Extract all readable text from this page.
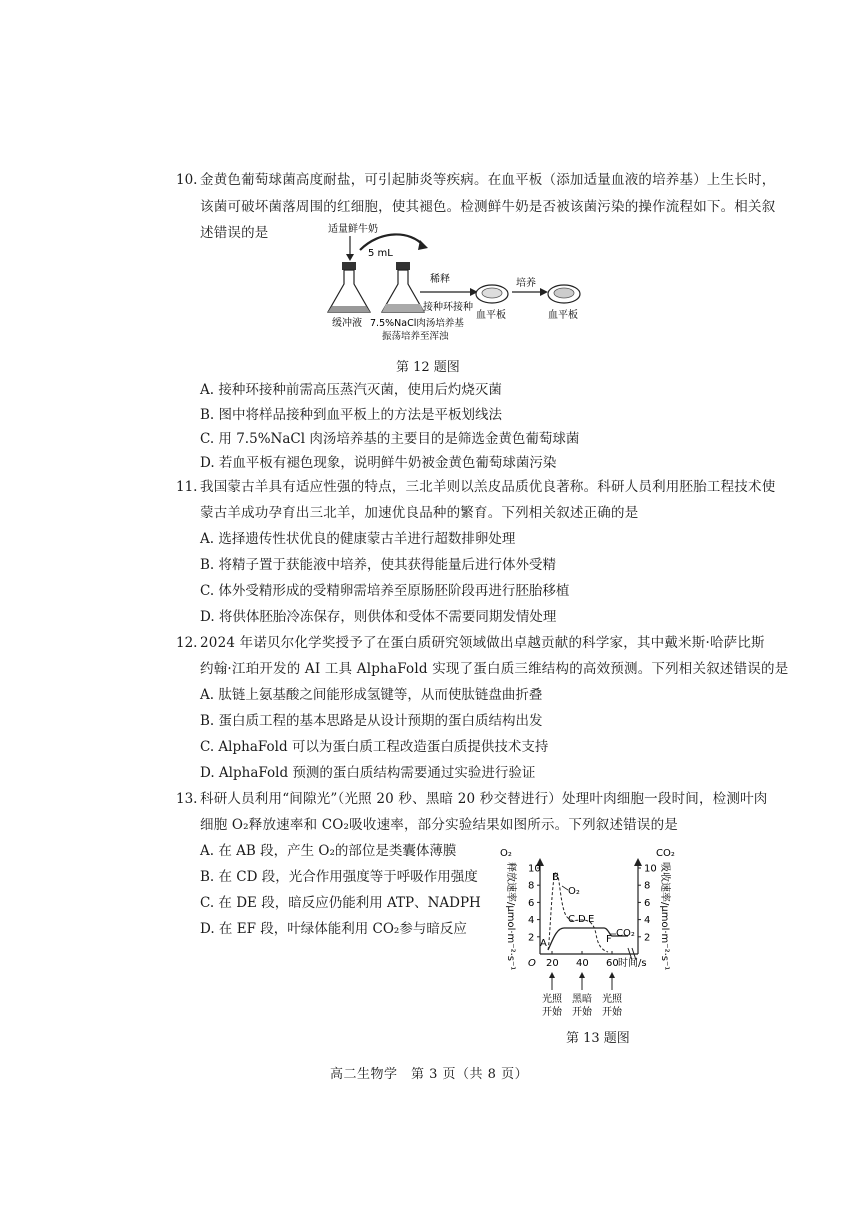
10. 金黄色葡萄球菌高度耐盐，可引起肺炎等疾病。在血平板（添加适量血液的培养基）上生长时，
该菌可破坏菌落周围的红细胞，使其褪色。检测鲜牛奶是否被该菌污染的操作流程如下。相关叙
述错误的是	适量鲜牛奶
5 mL
缓冲液 7.5%NaCl肉汤培养基
振荡培养至浑浊
稀释
接种环接种
血平板
培养
血平板
第 12 题图
A. 接种环接种前需高压蒸汽灭菌，使用后灼烧灭菌
B. 图中将样品接种到血平板上的方法是平板划线法
C. 用 7.5%NaCl 肉汤培养基的主要目的是筛选金黄色葡萄球菌
D. 若血平板有褪色现象，说明鲜牛奶被金黄色葡萄球菌污染
11. 我国蒙古羊具有适应性强的特点，三北羊则以羔皮品质优良著称。科研人员利用胚胎工程技术使
蒙古羊成功孕育出三北羊，加速优良品种的繁育。下列相关叙述正确的是
A. 选择遗传性状优良的健康蒙古羊进行超数排卵处理
B. 将精子置于获能液中培养，使其获得能量后进行体外受精
C. 体外受精形成的受精卵需培养至原肠胚阶段再进行胚胎移植
D. 将供体胚胎冷冻保存，则供体和受体不需要同期发情处理
12. 2024 年诺贝尔化学奖授予了在蛋白质研究领域做出卓越贡献的科学家，其中戴米斯·哈萨比斯
约翰·江珀开发的 AI 工具 AlphaFold 实现了蛋白质三维结构的高效预测。下列相关叙述错误的是
A. 肽链上氨基酸之间能形成氢键等，从而使肽链盘曲折叠
B. 蛋白质工程的基本思路是从设计预期的蛋白质结构出发
C. AlphaFold 可以为蛋白质工程改造蛋白质提供技术支持
D. AlphaFold 预测的蛋白质结构需要通过实验进行验证
13. 科研人员利用“间隙光”（光照 20 秒、黑暗 20 秒交替进行）处理叶肉细胞一段时间，检测叶肉
细胞 O₂释放速率和 CO₂吸收速率，部分实验结果如图所示。下列叙述错误的是
A. 在 AB 段，产生 O₂的部位是类囊体薄膜
B. 在 CD 段，光合作用强度等于呼吸作用强度
C. 在 DE 段，暗反应仍能利用 ATP、NADPH
D. 在 EF 段，叶绿体能利用 CO₂参与暗反应
O₂
释放速率/μmol·m⁻²·s⁻¹
CO₂
吸收速率/μmol·m⁻²·s⁻¹
2
4
6
8
10
2
4
6
8
10
20 40 60
O	时间/s
A
B
C D E
F
O₂
CO₂
光照
开始
黑暗
开始
光照
开始
第 13 题图
高二生物学　第 3 页（共 8 页）
